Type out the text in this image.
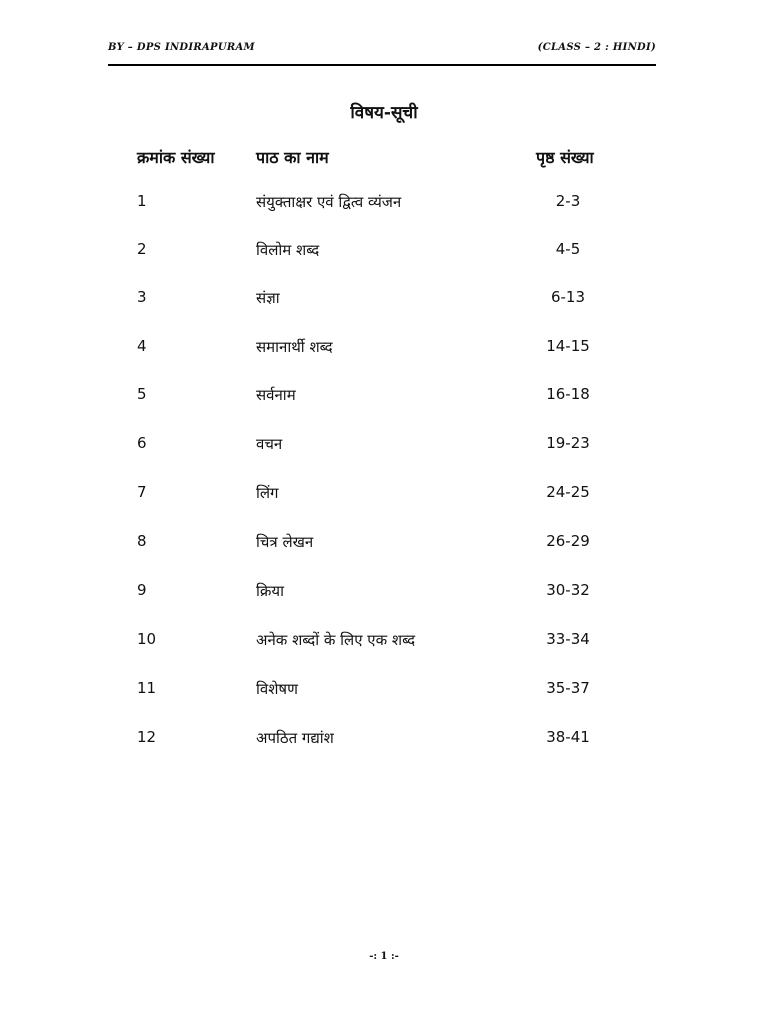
BY – DPS INDIRAPURAM	(CLASS – 2 : HINDI)
विषय-सूची
क्रमांक संख्या	पाठ का नाम	पृष्ठ संख्या
1	संयुक्ताक्षर एवं द्वित्व व्यंजन	2-3
2	विलोम शब्द	4-5
3	संज्ञा	6-13
4	समानार्थी शब्द	14-15
5	सर्वनाम	16-18
6	वचन	19-23
7	लिंग	24-25
8	चित्र लेखन	26-29
9	क्रिया	30-32
10	अनेक शब्दों के लिए एक शब्द	33-34
11	विशेषण	35-37
12	अपठित गद्यांश	38-41
-: 1 :-
